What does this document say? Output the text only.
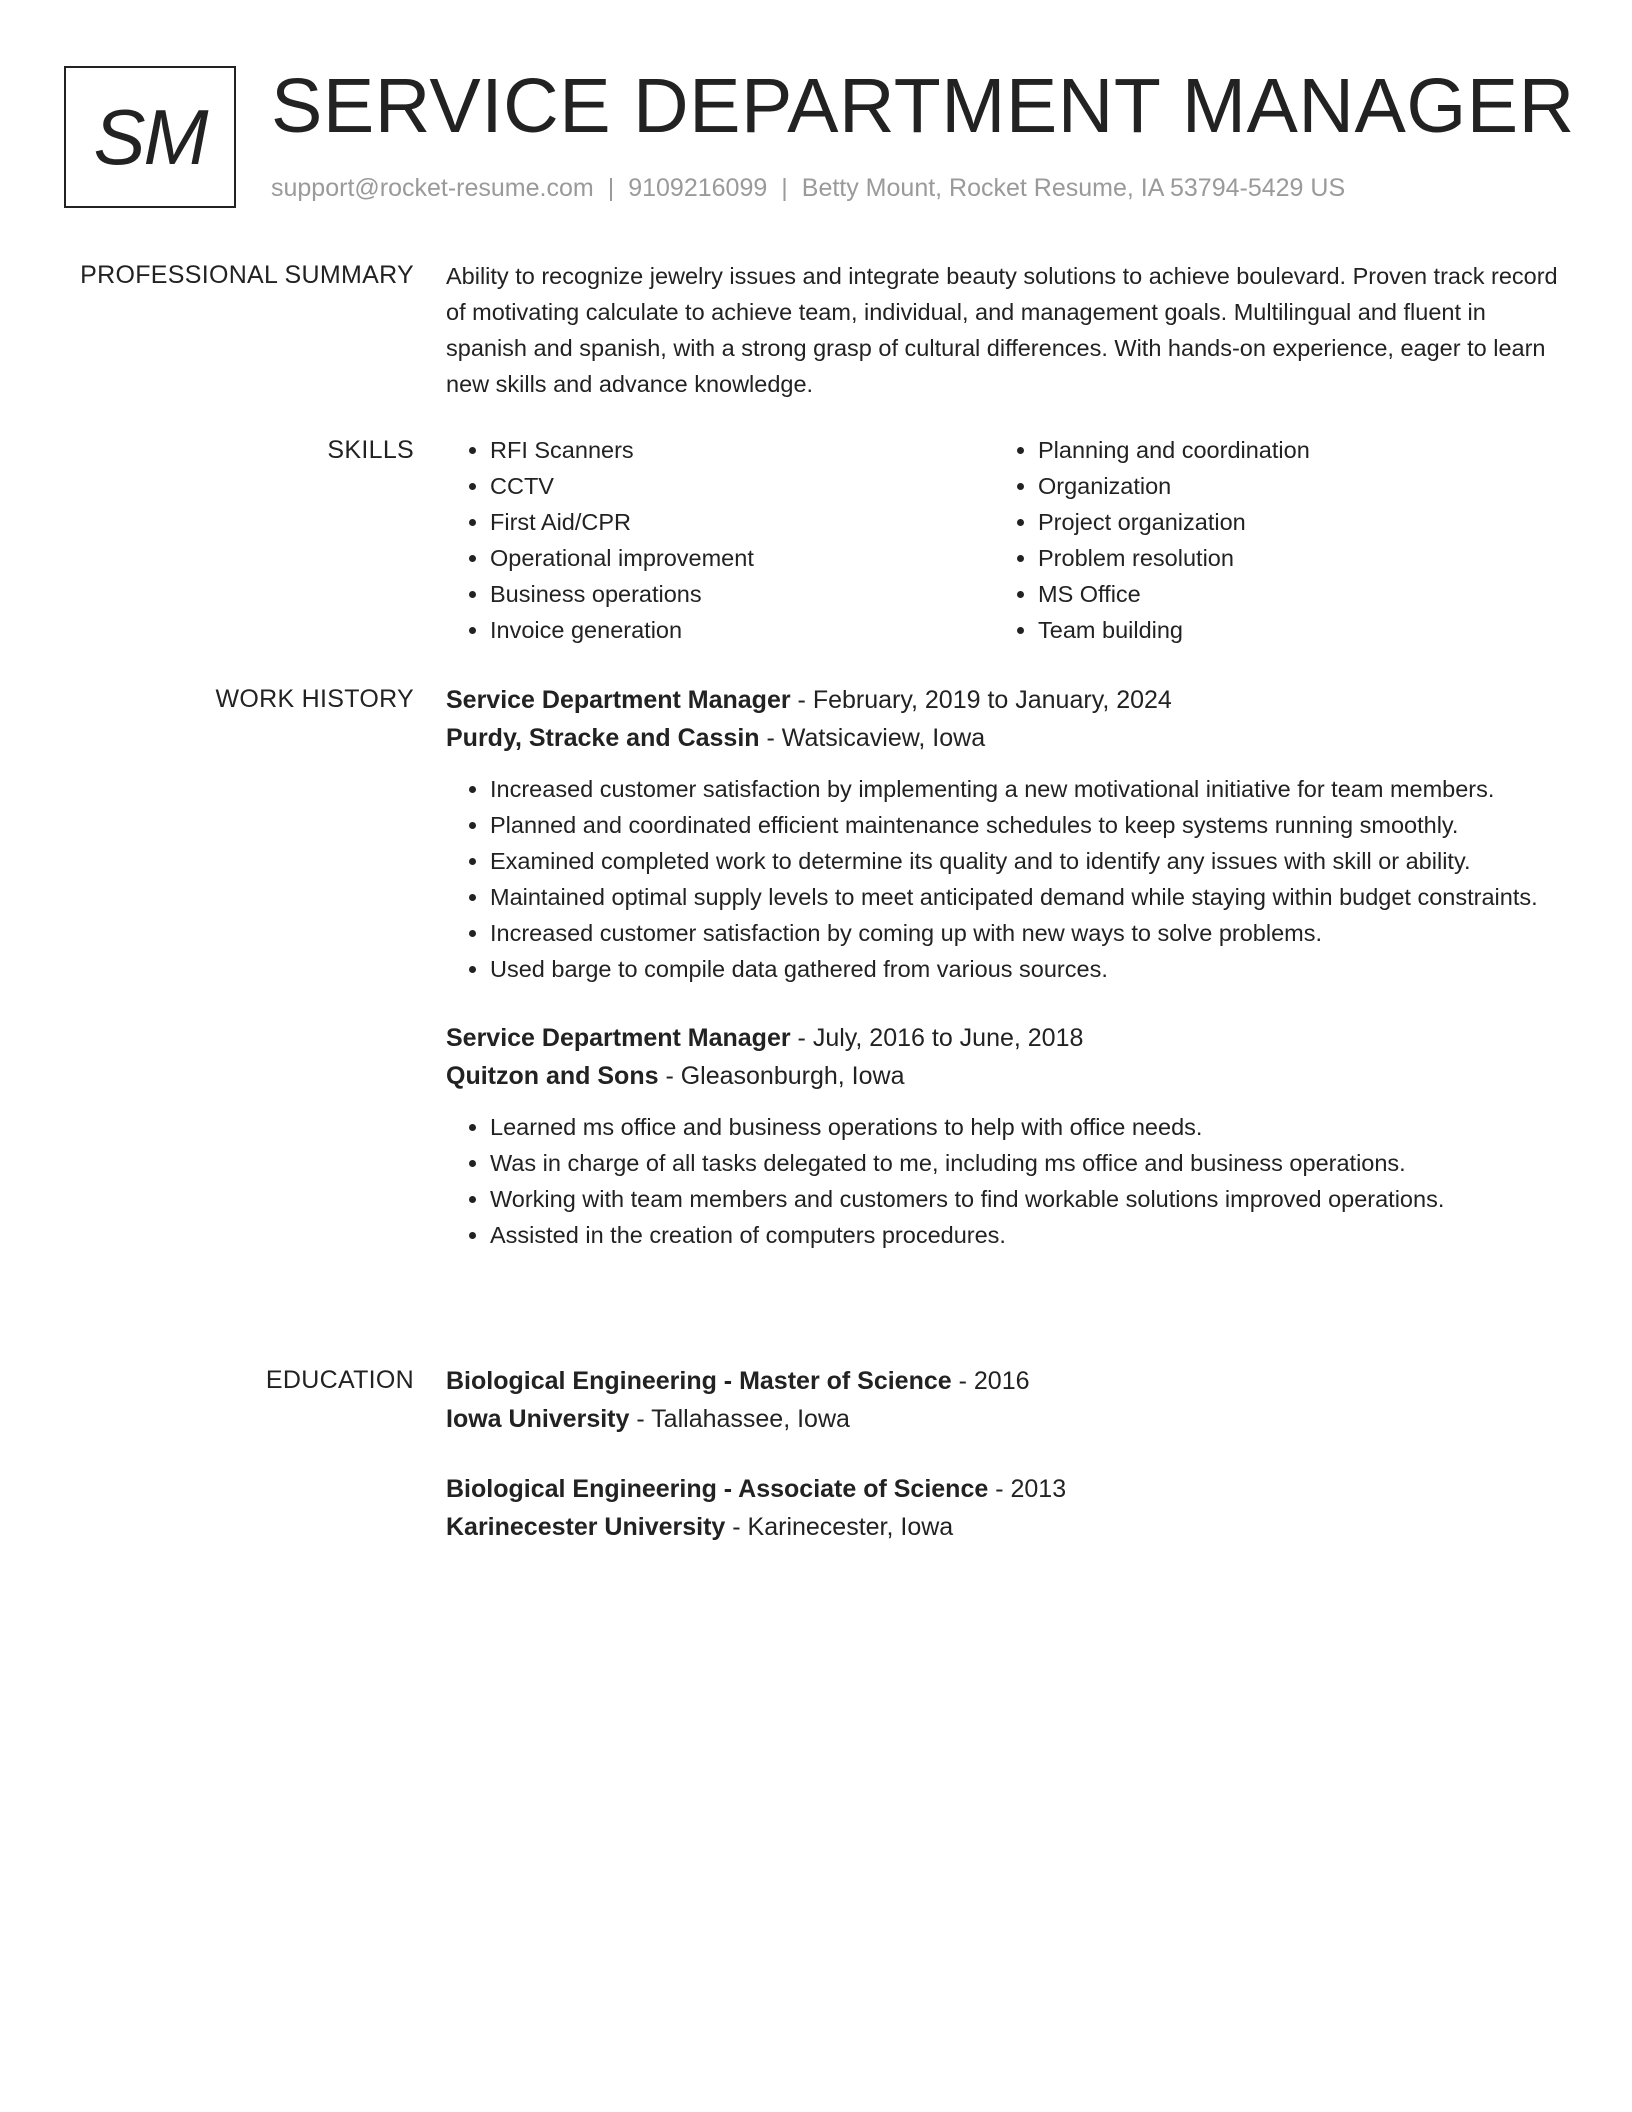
SM SERVICE DEPARTMENT MANAGER
support@rocket-resume.com | 9109216099 | Betty Mount, Rocket Resume, IA 53794-5429 US
PROFESSIONAL SUMMARY Ability to recognize jewelry issues and integrate beauty solutions to achieve boulevard. Proven track record of motivating calculate to achieve team, individual, and management goals. Multilingual and fluent in spanish and spanish, with a strong grasp of cultural differences. With hands-on experience, eager to learn new skills and advance knowledge.

SKILLS
•	RFI Scanners
• CCTV
• First Aid/CPR
• Operational improvement
• Business operations
• Invoice generation
• Planning and coordination
• Organization
• Project organization
• Problem resolution
• MS Office
• Team building
WORK HISTORY Service Department Manager - February, 2019 to January, 2024
Purdy, Stracke and Cassin - Watsicaview, Iowa
• Increased customer satisfaction by implementing a new motivational initiative for team members.
• Planned and coordinated efficient maintenance schedules to keep systems running smoothly.
• Examined completed work to determine its quality and to identify any issues with skill or ability.
• Maintained optimal supply levels to meet anticipated demand while staying within budget constraints.
• Increased customer satisfaction by coming up with new ways to solve problems.
• Used barge to compile data gathered from various sources.
Service Department Manager - July, 2016 to June, 2018
Quitzon and Sons - Gleasonburgh, Iowa
• Learned ms office and business operations to help with office needs.
• Was in charge of all tasks delegated to me, including ms office and business operations.
• Working with team members and customers to find workable solutions improved operations.
• Assisted in the creation of computers procedures.
EDUCATION Biological Engineering - Master of Science - 2016
Iowa University - Tallahassee, Iowa
Biological Engineering - Associate of Science - 2013
Karinecester University - Karinecester, Iowa
